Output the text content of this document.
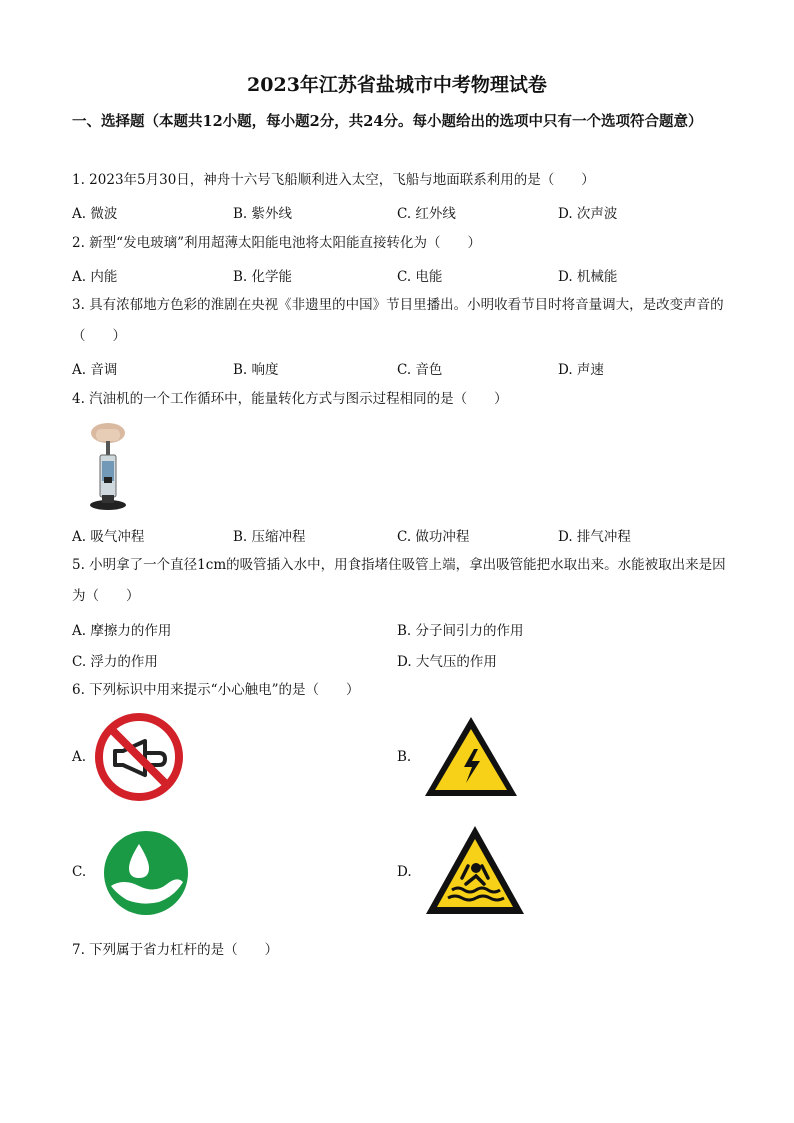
2023年江苏省盐城市中考物理试卷
一、选择题（本题共12小题，每小题2分，共24分。每小题给出的选项中只有一个选项符合题意）
1. 2023年5月30日，神舟十六号飞船顺利进入太空，飞船与地面联系利用的是（　　）
A. 微波	B. 紫外线	C. 红外线	D. 次声波
2. 新型“发电玻璃”利用超薄太阳能电池将太阳能直接转化为（　　）
A. 内能	B. 化学能	C. 电能	D. 机械能
3. 具有浓郁地方色彩的淮剧在央视《非遗里的中国》节目里播出。小明收看节目时将音量调大，是改变声音的（　　）
A. 音调	B. 响度	C. 音色	D. 声速
4. 汽油机的一个工作循环中，能量转化方式与图示过程相同的是（　　）
A. 吸气冲程	B. 压缩冲程	C. 做功冲程	D. 排气冲程
5. 小明拿了一个直径1cm的吸管插入水中，用食指堵住吸管上端，拿出吸管能把水取出来。水能被取出来是因为（　　）
A. 摩擦力的作用	B. 分子间引力的作用
C. 浮力的作用	D. 大气压的作用
6. 下列标识中用来提示“小心触电”的是（　　）
A.	B.
C.	D.
7. 下列属于省力杠杆的是（　　）
